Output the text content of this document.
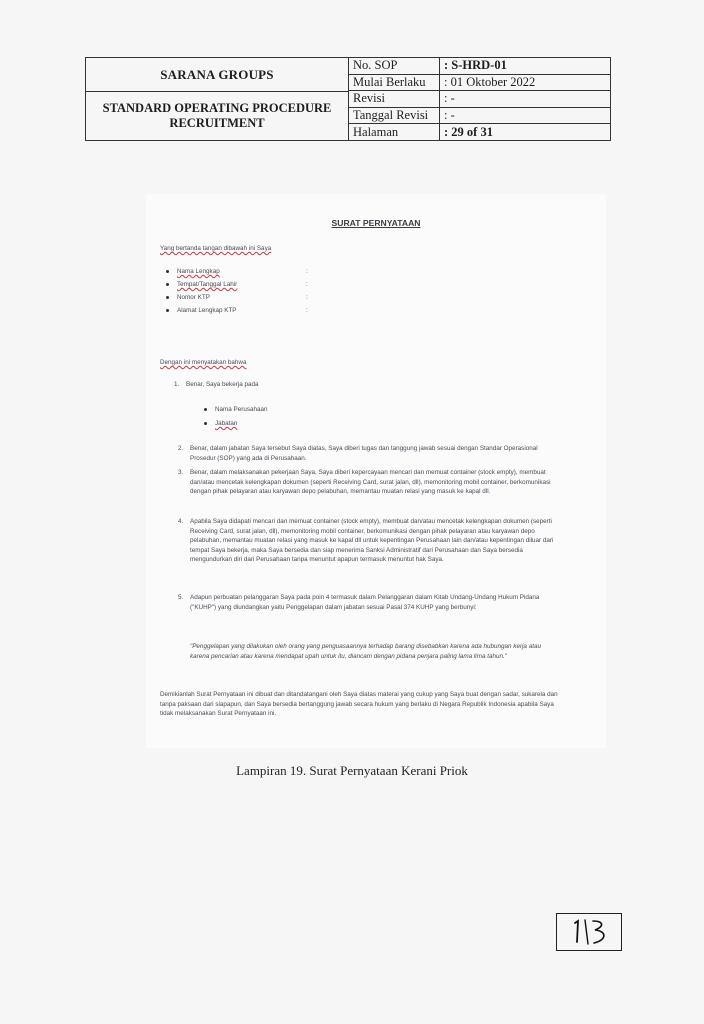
SARANA GROUPS
STANDARD OPERATING PROCEDURE
RECRUITMENT
No. SOP	: S-HRD-01
Mulai Berlaku	: 01 Oktober 2022
Revisi	: -
Tanggal Revisi	: -
Halaman	: 29 of 31
SURAT PERNYATAAN
Yang bertanda tangan dibawah ini Saya
Nama Lengkap	:
Tempat/Tanggal Lahir	:
Nomor KTP	:
Alamat Lengkap KTP	:
Dengan ini menyatakan bahwa
1. Benar, Saya bekerja pada
Nama Perusahaan
Jabatan
2. Benar, dalam jabatan Saya tersebut Saya diatas, Saya diberi tugas dan tanggung jawab sesuai dengan Standar Operasional Prosedur (SOP) yang ada di Perusahaan.
3. Benar, dalam melaksanakan pekerjaan Saya, Saya diberi kepercayaan mencari dan memuat container (stock empty), membuat dan/atau mencetak kelengkapan dokumen (seperti Receiving Card, surat jalan, dll), memonitoring mobil container, berkomunikasi dengan pihak pelayaran atau karyawan depo pelabuhan, memantau muatan relasi yang masuk ke kapal dll.
4. Apabila Saya didapati mencari dan memuat container (stock empty), membuat dan/atau mencetak kelengkapan dokumen (seperti Receiving Card, surat jalan, dll), memonitoring mobil container, berkomunikasi dengan pihak pelayaran atau karyawan depo pelabuhan, memantau muatan relasi yang masuk ke kapal dll untuk kepentingan Perusahaan lain dan/atau kepentingan diluar dari tempat Saya bekerja, maka Saya bersedia dan siap menerima Sanksi Administratif dari Perusahaan dan Saya bersedia mengundurkan diri dari Perusahaan tanpa menuntut apapun termasuk menuntut hak Saya.
5. Adapun perbuatan pelanggaran Saya pada poin 4 termasuk dalam Pelanggaran dalam Kitab Undang-Undang Hukum Pidana ("KUHP") yang diundangkan yaitu Penggelapan dalam jabatan sesuai Pasal 374 KUHP yang berbunyi:
"Penggelapan yang dilakukan oleh orang yang penguasaannya terhadap barang disebabkan karena ada hubungan kerja atau karena pencarian atau karena mendapat upah untuk itu, diancam dengan pidana penjara paling lama lima tahun."
Demikianlah Surat Pernyataan ini dibuat dan ditandatangani oleh Saya diatas materai yang cukup yang Saya buat dengan sadar, sukarela dan tanpa paksaan dari siapapun, dan Saya bersedia bertanggung jawab secara hukum yang berlaku di Negara Republik Indonesia apabila Saya tidak melaksanakan Surat Pernyataan ini.
Lampiran 19. Surat Pernyataan Kerani Priok
